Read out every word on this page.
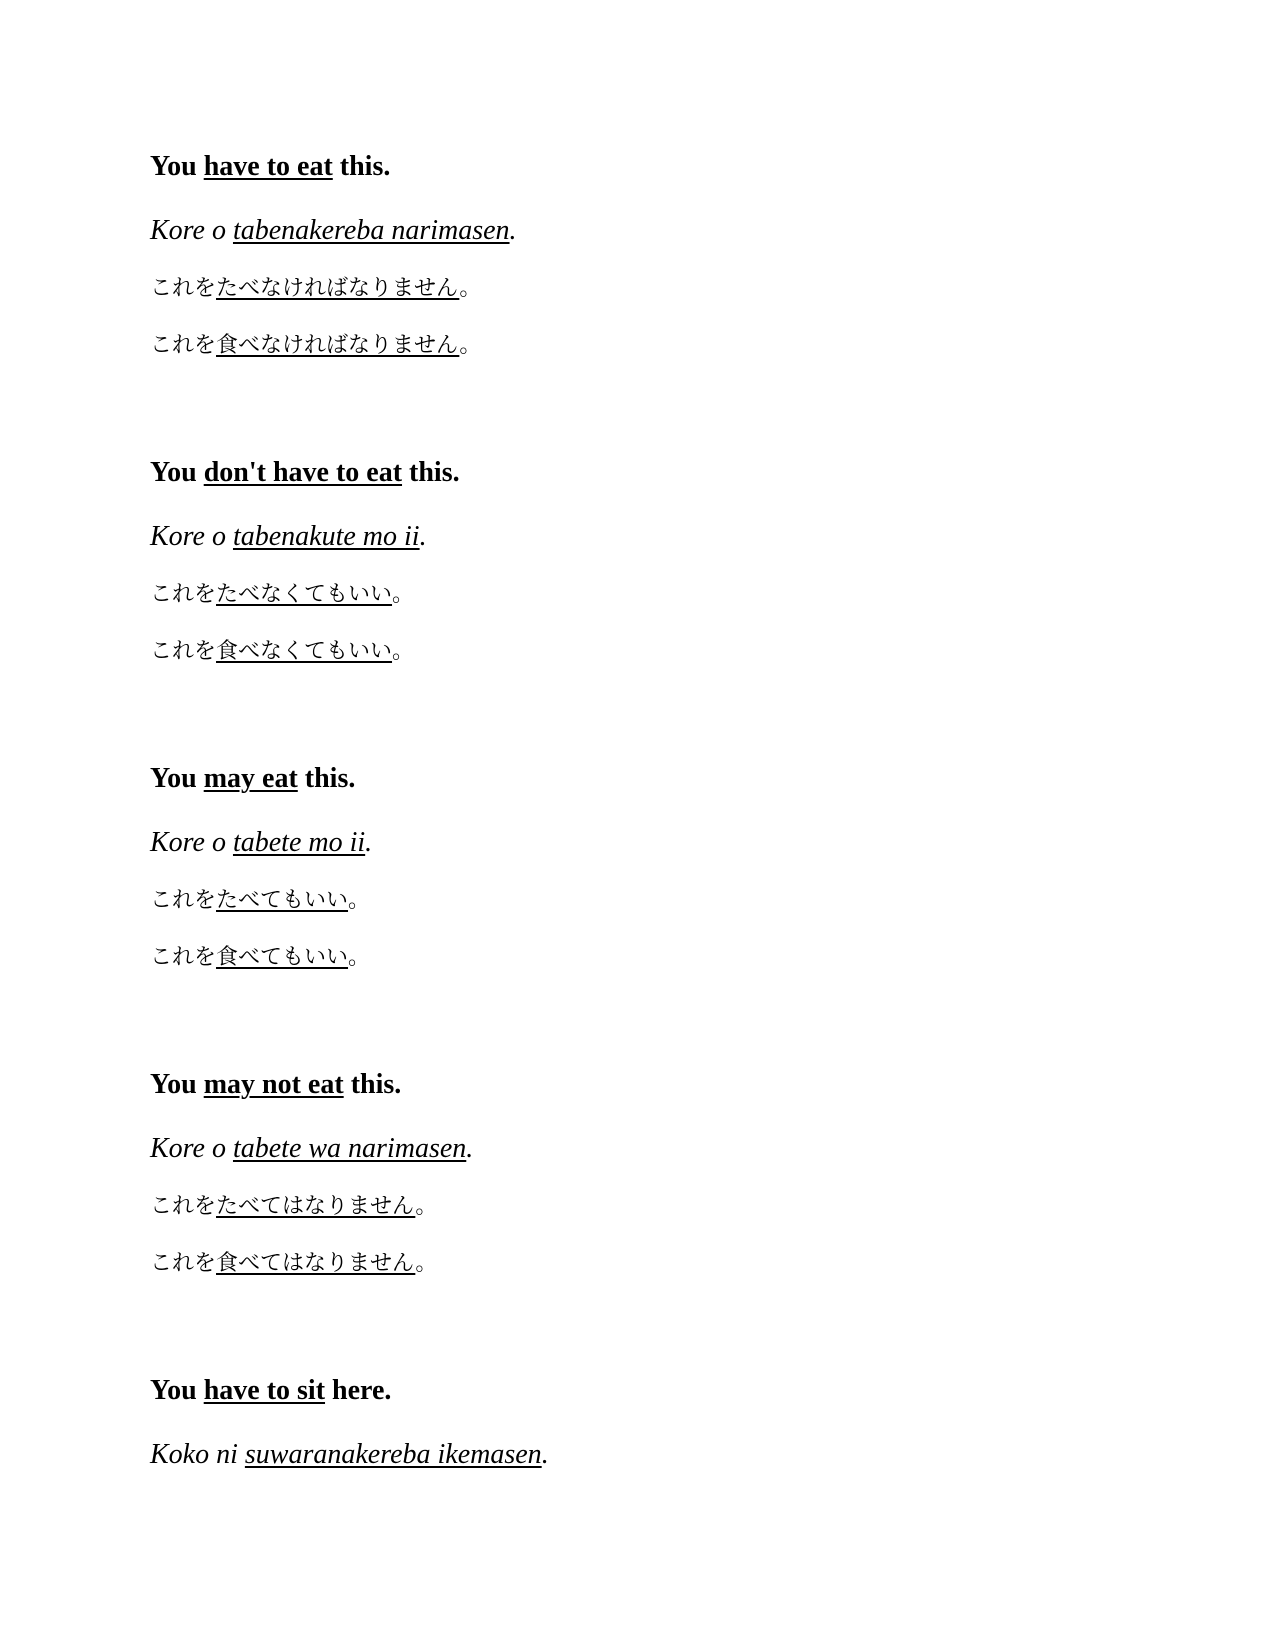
You have to eat this.

Kore o tabenakereba narimasen.

これをたべなければなりません。

これを食べなければなりません。

You don't have to eat this.

Kore o tabenakute mo ii.

これをたべなくてもいい。

これを食べなくてもいい。

You may eat this.

Kore o tabete mo ii.

これをたべてもいい。

これを食べてもいい。

You may not eat this.

Kore o tabete wa narimasen.

これをたべてはなりません。

これを食べてはなりません。

You have to sit here.

Koko ni suwaranakereba ikemasen.
